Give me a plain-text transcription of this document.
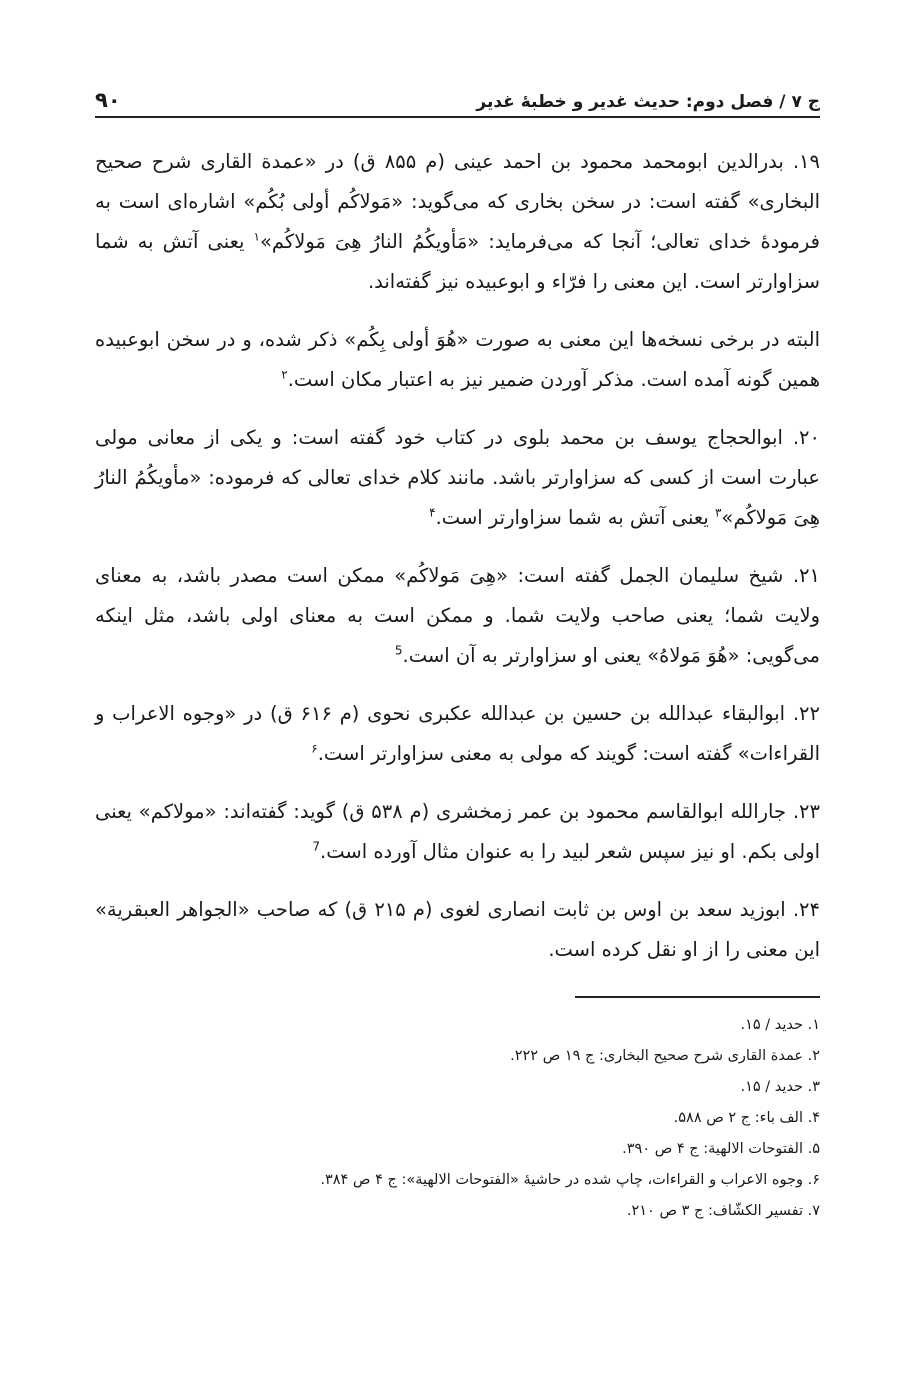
ج ۷ / فصل دوم: حدیث غدیر و خطبهٔ غدیر
۹۰

۱۹. بدرالدین ابومحمد محمود بن احمد عینی (م ۸۵۵ ق) در «عمدة القاری شرح صحیح البخاری» گفته است: در سخن بخاری که می‌گوید: «مَولاکُم أولی بُکُم» اشاره‌ای است به فرمودهٔ خدای تعالی؛ آنجا که می‌فرماید: «مَأویکُمُ النارُ هِیَ مَولاکُم»$^۱$ یعنی آتش به شما سزاوارتر است. این معنی را فرّاء و ابوعبیده نیز گفته‌اند.

البته در برخی نسخه‌ها این معنی به صورت «هُوَ أولی بِکُم» ذکر شده، و در سخن ابوعبیده همین گونه آمده است. مذکر آوردن ضمیر نیز به اعتبار مکان است.$^۲$

۲۰. ابوالحجاج یوسف بن محمد بلوی در کتاب خود گفته است: و یکی از معانی مولی عبارت است از کسی که سزاوارتر باشد. مانند کلام خدای تعالی که فرموده: «مأویکُمُ النارُ هِیَ مَولاکُم»$^۳$ یعنی آتش به شما سزاوارتر است.$^۴$

۲۱. شیخ سلیمان الجمل گفته است: «هِیَ مَولاکُم» ممکن است مصدر باشد، به معنای ولایت شما؛ یعنی صاحب ولایت شما. و ممکن است به معنای اولی باشد، مثل اینکه می‌گویی: «هُوَ مَولاهُ» یعنی او سزاوارتر به آن است.$^5$

۲۲. ابوالبقاء عبدالله بن حسین بن عبدالله عکبری نحوی (م ۶۱۶ ق) در «وجوه الاعراب و القراءات» گفته است: گویند که مولی به معنی سزاوارتر است.$^۶$

۲۳. جارالله ابوالقاسم محمود بن عمر زمخشری (م ۵۳۸ ق) گوید: گفته‌اند: «مولاکم» یعنی اولی بکم. او نیز سپس شعر لبید را به عنوان مثال آورده است.$^7$

۲۴. ابوزید سعد بن اوس بن ثابت انصاری لغوی (م ۲۱۵ ق) که صاحب «الجواهر العبقریة» این معنی را از او نقل کرده است.

۱. حدید / ۱۵.
۲. عمدة القاری شرح صحیح البخاری: ج ۱۹ ص ۲۲۲.
۳. حدید / ۱۵.
۴. الف باء: ج ۲ ص ۵۸۸.
۵. الفتوحات الالهیة: ج ۴ ص ۳۹۰.
۶. وجوه الاعراب و القراءات، چاپ شده در حاشیهٔ «الفتوحات الالهیة»: ج ۴ ص ۳۸۴.
۷. تفسیر الکشّاف: ج ۳ ص ۲۱۰.
